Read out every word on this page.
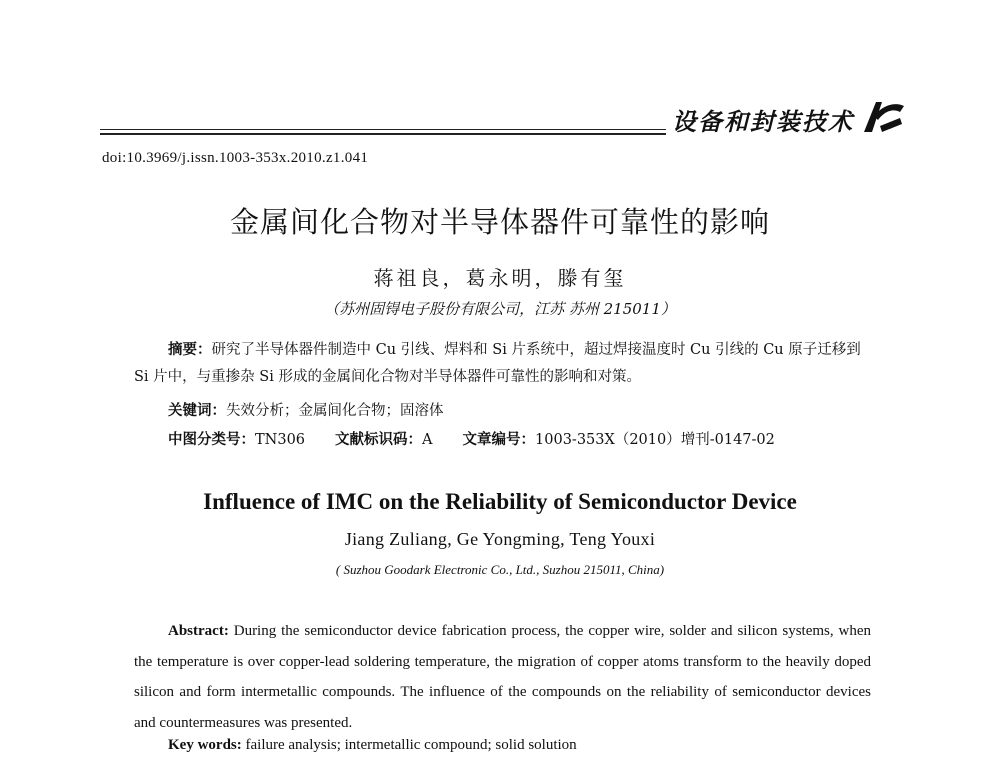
设备和封装技术
doi:10.3969/j.issn.1003-353x.2010.z1.041
金属间化合物对半导体器件可靠性的影响
蒋祖良，葛永明，滕有玺
（苏州固锝电子股份有限公司，江苏 苏州 215011）
摘要：研究了半导体器件制造中 Cu 引线、焊料和 Si 片系统中，超过焊接温度时 Cu 引线的 Cu 原子迁移到 Si 片中，与重掺杂 Si 形成的金属间化合物对半导体器件可靠性的影响和对策。
关键词：失效分析；金属间化合物；固溶体
中图分类号：TN306 文献标识码：A 文章编号：1003-353X（2010）增刊-0147-02
Influence of IMC on the Reliability of Semiconductor Device
Jiang Zuliang, Ge Yongming, Teng Youxi
( Suzhou Goodark Electronic Co., Ltd., Suzhou 215011, China)
Abstract: During the semiconductor device fabrication process, the copper wire, solder and silicon systems, when the temperature is over copper-lead soldering temperature, the migration of copper atoms transform to the heavily doped silicon and form intermetallic compounds. The influence of the compounds on the reliability of semiconductor devices and countermeasures was presented.
Key words: failure analysis; intermetallic compound; solid solution
